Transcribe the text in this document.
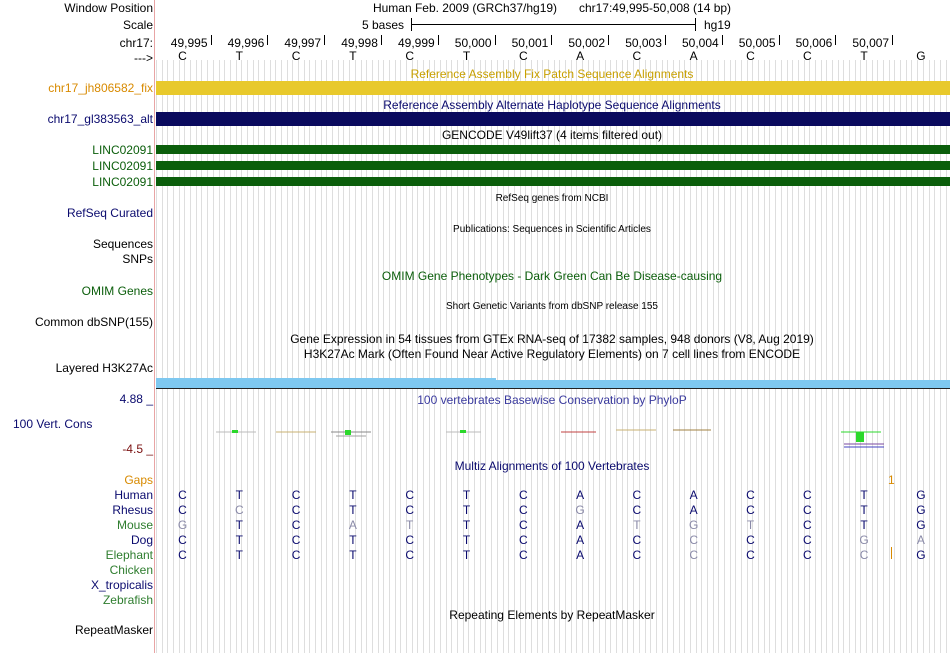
Window Position
Scale
chr17:
--->
chr17_jh806582_fix
chr17_gl383563_alt
LINC02091
LINC02091
LINC02091
RefSeq Curated
Sequences
SNPs
OMIM Genes
Common dbSNP(155)
Layered H3K27Ac
4.88 _
100 Vert. Cons
-4.5 _
Gaps
Human
Rhesus
Mouse
Dog
Elephant
Chicken
X_tropicalis
Zebrafish
RepeatMasker
Human Feb. 2009 (GRCh37/hg19) chr17:49,995-50,008 (14 bp)
5 bases	hg19
49,995	49,996	49,997	49,998	49,999	50,000	50,001	50,002	50,003	50,004	50,005	50,006	50,007
C	T	C	T	C	T	C	A	C	A	C	C	T	G
Reference Assembly Fix Patch Sequence Alignments
Reference Assembly Alternate Haplotype Sequence Alignments
GENCODE V49lift37 (4 items filtered out)
RefSeq genes from NCBI
Publications: Sequences in Scientific Articles
OMIM Gene Phenotypes - Dark Green Can Be Disease-causing
Short Genetic Variants from dbSNP release 155
Gene Expression in 54 tissues from GTEx RNA-seq of 17382 samples, 948 donors (V8, Aug 2019)
H3K27Ac Mark (Often Found Near Active Regulatory Elements) on 7 cell lines from ENCODE
100 vertebrates Basewise Conservation by PhyloP
Multiz Alignments of 100 Vertebrates
1
C	T	C	T	C	T	C	A	C	A	C	C	T	G
C	C	C	T	C	T	C	G	C	A	C	C	T	G
G	T	C	A	T	T	C	A	T	G	T	C	T	G
C	T	C	T	C	T	C	A	C	C	C	C	G	A
C	T	C	T	C	T	C	A	C	C	C	C	C	G
Repeating Elements by RepeatMasker
